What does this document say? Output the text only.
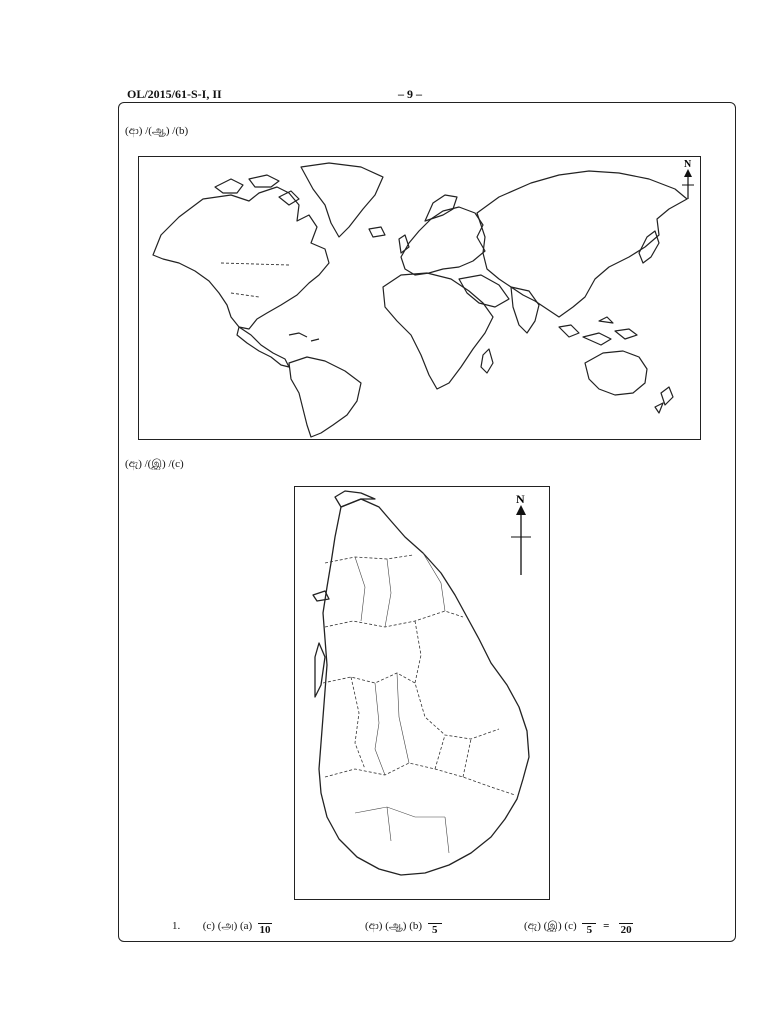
OL/2015/61-S-I, II	– 9 –
(ආ) /(ஆ) /(b)
N
(ඇ) /(இ) /(c)
N
1. (c) (அ) (a) 10	(ආ) (ஆ) (b) 5	(ඇ) (இ) (c) 5	= 20
